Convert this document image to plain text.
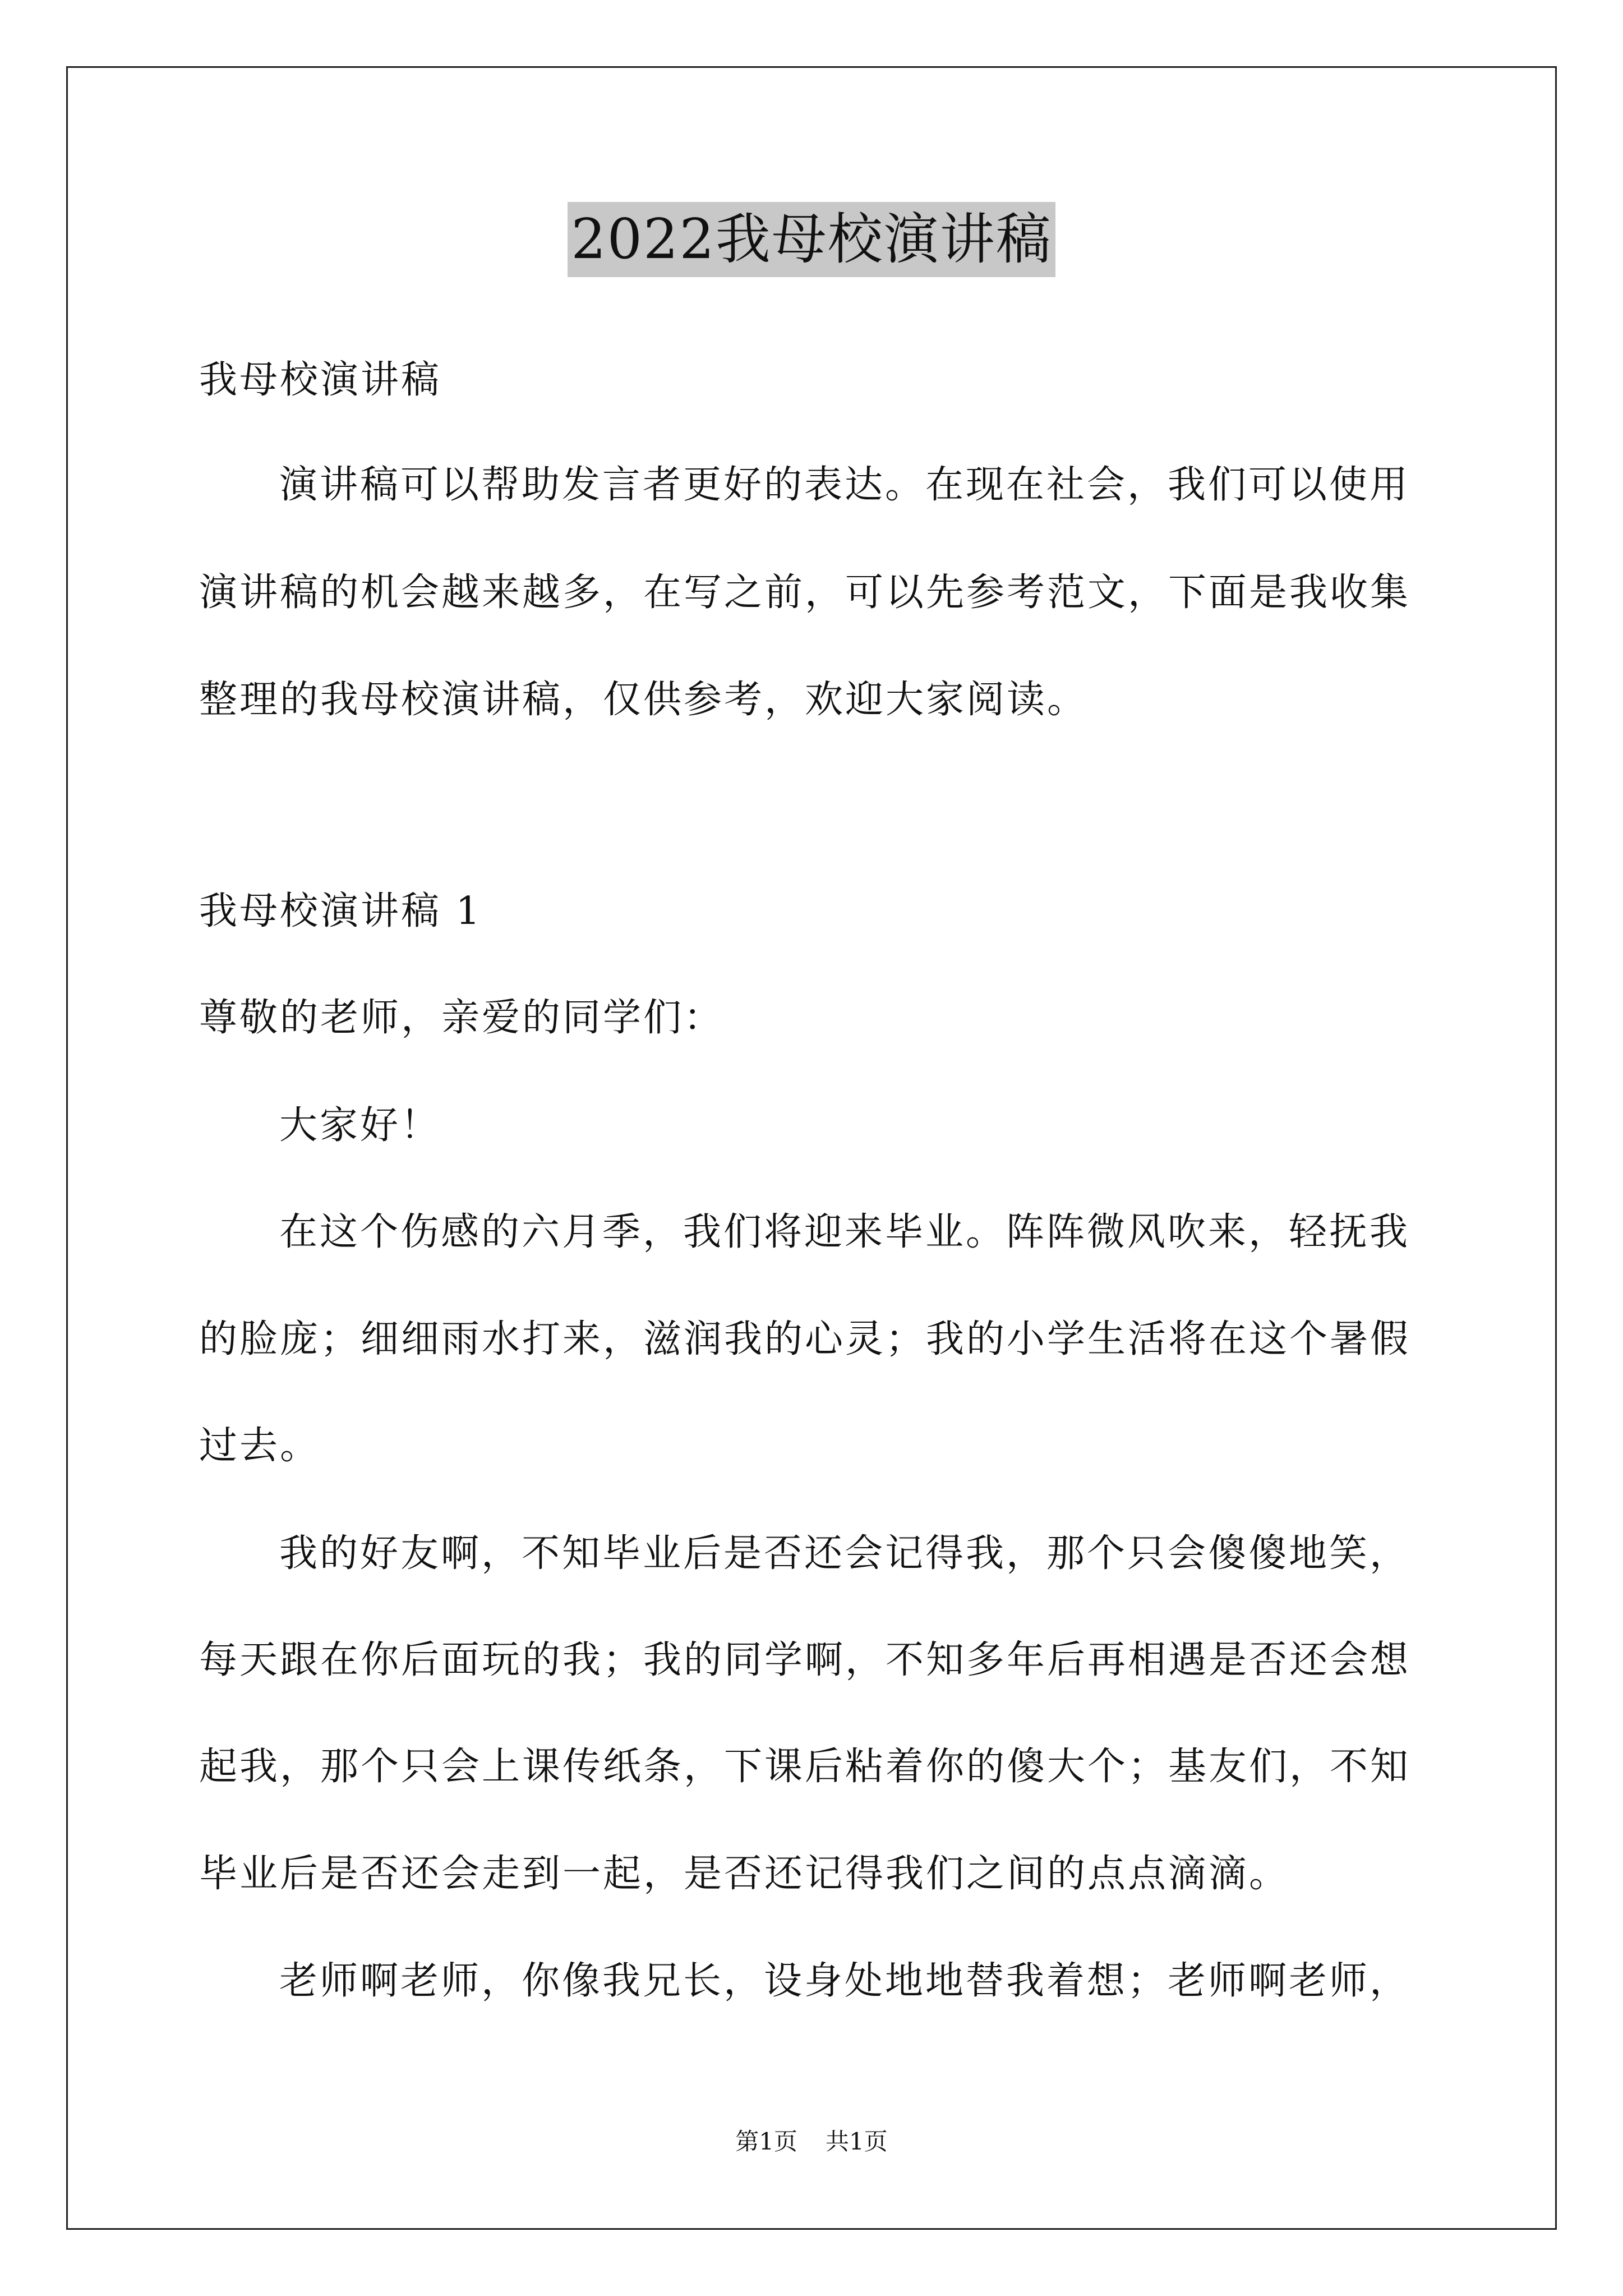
2022我母校演讲稿
我母校演讲稿
演讲稿可以帮助发言者更好的表达。在现在社会，我们可以使用
演讲稿的机会越来越多，在写之前，可以先参考范文，下面是我收集
整理的我母校演讲稿，仅供参考，欢迎大家阅读。
我母校演讲稿 1
尊敬的老师，亲爱的同学们：
大家好！
在这个伤感的六月季，我们将迎来毕业。阵阵微风吹来，轻抚我
的脸庞；细细雨水打来，滋润我的心灵；我的小学生活将在这个暑假
过去。
我的好友啊，不知毕业后是否还会记得我，那个只会傻傻地笑，
每天跟在你后面玩的我；我的同学啊，不知多年后再相遇是否还会想
起我，那个只会上课传纸条，下课后粘着你的傻大个；基友们，不知
毕业后是否还会走到一起，是否还记得我们之间的点点滴滴。
老师啊老师，你像我兄长，设身处地地替我着想；老师啊老师，
第1页 共1页
